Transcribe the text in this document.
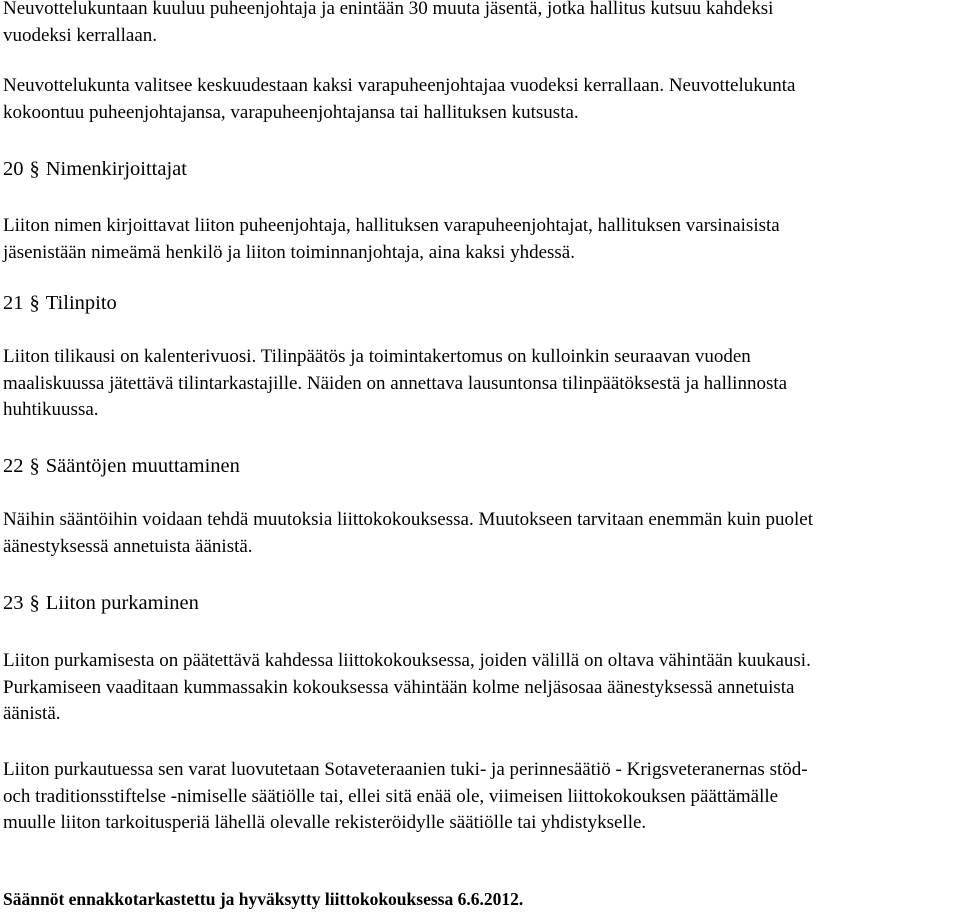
Neuvottelukuntaan kuuluu puheenjohtaja ja enintään 30 muuta jäsentä, jotka hallitus kutsuu kahdeksi
vuodeksi kerrallaan.
Neuvottelukunta valitsee keskuudestaan kaksi varapuheenjohtajaa vuodeksi kerrallaan. Neuvottelukunta
kokoontuu puheenjohtajansa, varapuheenjohtajansa tai hallituksen kutsusta.
20 § Nimenkirjoittajat
Liiton nimen kirjoittavat liiton puheenjohtaja, hallituksen varapuheenjohtajat, hallituksen varsinaisista
jäsenistään nimeämä henkilö ja liiton toiminnanjohtaja, aina kaksi yhdessä.
21 § Tilinpito
Liiton tilikausi on kalenterivuosi. Tilinpäätös ja toimintakertomus on kulloinkin seuraavan vuoden
maaliskuussa jätettävä tilintarkastajille. Näiden on annettava lausuntonsa tilinpäätöksestä ja hallinnosta
huhtikuussa.
22 § Sääntöjen muuttaminen
Näihin sääntöihin voidaan tehdä muutoksia liittokokouksessa. Muutokseen tarvitaan enemmän kuin puolet
äänestyksessä annetuista äänistä.
23 § Liiton purkaminen
Liiton purkamisesta on päätettävä kahdessa liittokokouksessa, joiden välillä on oltava vähintään kuukausi.
Purkamiseen vaaditaan kummassakin kokouksessa vähintään kolme neljäsosaa äänestyksessä annetuista
äänistä.
Liiton purkautuessa sen varat luovutetaan Sotaveteraanien tuki- ja perinnesäätiö - Krigsveteranernas stöd-
och traditionsstiftelse -nimiselle säätiölle tai, ellei sitä enää ole, viimeisen liittokokouksen päättämälle
muulle liiton tarkoitusperiä lähellä olevalle rekisteröidylle säätiölle tai yhdistykselle.
Säännöt ennakkotarkastettu ja hyväksytty liittokokouksessa 6.6.2012.
